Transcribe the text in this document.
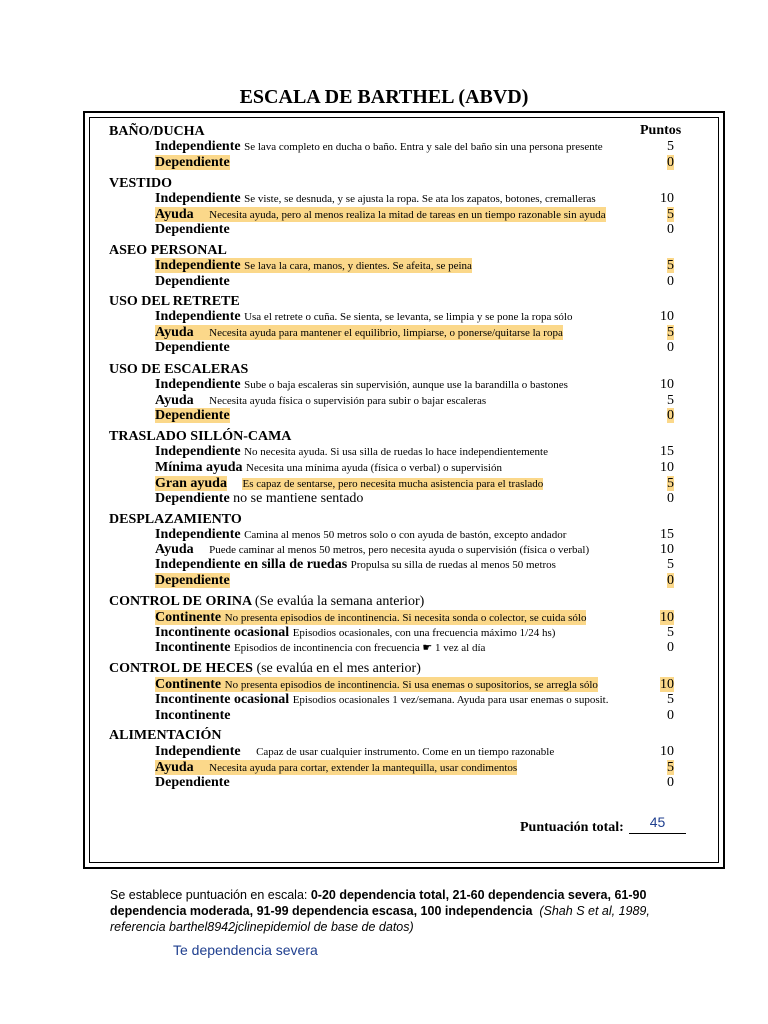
ESCALA DE BARTHEL (ABVD)
Puntos
BAÑO/DUCHA
Independiente Se lava completo en ducha o baño. Entra y sale del baño sin una persona presente	5
Dependiente	0
VESTIDO
Independiente Se viste, se desnuda, y se ajusta la ropa. Se ata los zapatos, botones, cremalleras	10
Ayuda Necesita ayuda, pero al menos realiza la mitad de tareas en un tiempo razonable sin ayuda	5
Dependiente	0
ASEO PERSONAL
Independiente Se lava la cara, manos, y dientes. Se afeita, se peina	5
Dependiente	0
USO DEL RETRETE
Independiente Usa el retrete o cuña. Se sienta, se levanta, se limpia y se pone la ropa sólo	10
Ayuda Necesita ayuda para mantener el equilibrio, limpiarse, o ponerse/quitarse la ropa	5
Dependiente	0
USO DE ESCALERAS
Independiente Sube o baja escaleras sin supervisión, aunque use la barandilla o bastones	10
Ayuda Necesita ayuda física o supervisión para subir o bajar escaleras	5
Dependiente	0
TRASLADO SILLÓN-CAMA
Independiente No necesita ayuda. Si usa silla de ruedas lo hace independientemente	15
Mínima ayuda Necesita una mínima ayuda (física o verbal) o supervisión	10
Gran ayuda Es capaz de sentarse, pero necesita mucha asistencia para el traslado	5
Dependiente no se mantiene sentado	0
DESPLAZAMIENTO
Independiente Camina al menos 50 metros solo o con ayuda de bastón, excepto andador	15
Ayuda Puede caminar al menos 50 metros, pero necesita ayuda o supervisión (física o verbal)	10
Independiente en silla de ruedas Propulsa su silla de ruedas al menos 50 metros	5
Dependiente	0
CONTROL DE ORINA (Se evalúa la semana anterior)
Continente No presenta episodios de incontinencia. Si necesita sonda o colector, se cuida sólo	10
Incontinente ocasional Episodios ocasionales, con una frecuencia máximo 1/24 hs)	5
Incontinente Episodios de incontinencia con frecuencia ☛ 1 vez al día	0
CONTROL DE HECES (se evalúa en el mes anterior)
Continente No presenta episodios de incontinencia. Si usa enemas o supositorios, se arregla sólo	10
Incontinente ocasional Episodios ocasionales 1 vez/semana. Ayuda para usar enemas o suposit.	5
Incontinente	0
ALIMENTACIÓN
Independiente Capaz de usar cualquier instrumento. Come en un tiempo razonable	10
Ayuda Necesita ayuda para cortar, extender la mantequilla, usar condimentos	5
Dependiente	0
Puntuación total:	45
Se establece puntuación en escala: 0-20 dependencia total, 21-60 dependencia severa, 61-90 dependencia moderada, 91-99 dependencia escasa, 100 independencia (Shah S et al, 1989, referencia barthel8942jclinepidemiol de base de datos)
Te dependencia severa
